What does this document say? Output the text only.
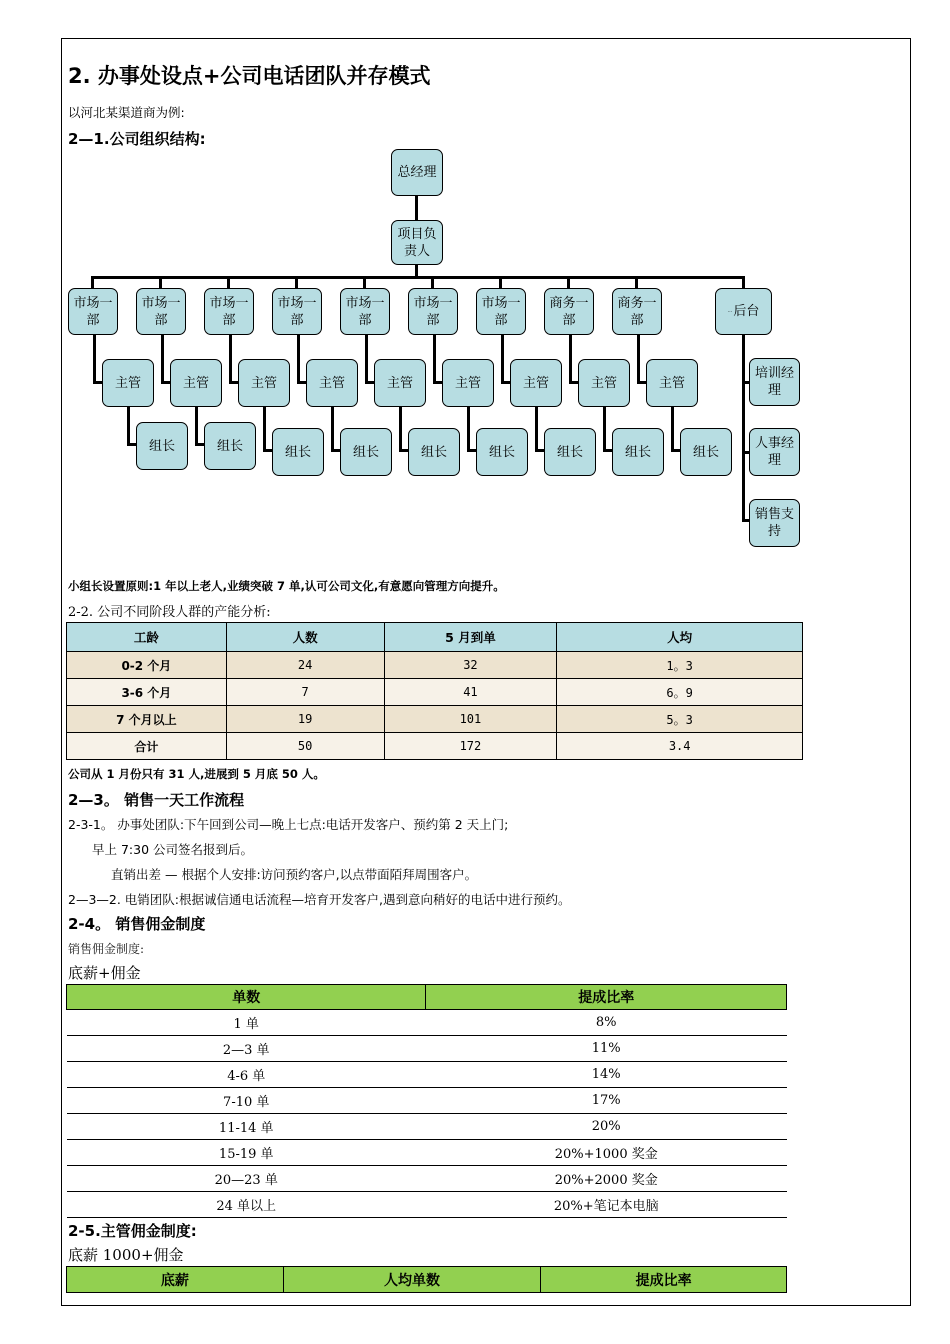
2. 办事处设点+公司电话团队并存模式
以河北某渠道商为例:
2—1.公司组织结构:
总经理
项目负责人
市场一部
主管
组长
市场一部
主管
组长
市场一部
主管
组长
市场一部
主管
组长
市场一部
主管
组长
市场一部
主管
组长
市场一部
主管
组长
商务一部
主管
组长
商务一部
主管
组长
... 后台
培训经理
人事经理
销售支持
小组长设置原则:1 年以上老人,业绩突破 7 单,认可公司文化,有意愿向管理方向提升。
2-2. 公司不同阶段人群的产能分析:
工龄	人数	5 月到单	人均
0-2 个月	24	32	1。3
3-6 个月	7	41	6。9
7 个月以上	19	101	5。3
合计	50	172	3.4
公司从 1 月份只有 31 人,进展到 5 月底 50 人。
2—3。 销售一天工作流程
2-3-1。 办事处团队:下午回到公司—晚上七点:电话开发客户、预约第 2 天上门;
早上 7:30 公司签名报到后。
直销出差 — 根据个人安排:访问预约客户,以点带面陌拜周围客户。
2—3—2. 电销团队:根据诚信通电话流程—培育开发客户,遇到意向稍好的电话中进行预约。
2-4。 销售佣金制度
销售佣金制度:
底薪+佣金
单数	提成比率
1 单	8%
2—3 单	11%
4-6 单	14%
7-10 单	17%
11-14 单	20%
15-19 单	20%+1000 奖金
20—23 单	20%+2000 奖金
24 单以上	20%+笔记本电脑
2-5.主管佣金制度:
底薪 1000+佣金
底薪	人均单数	提成比率
